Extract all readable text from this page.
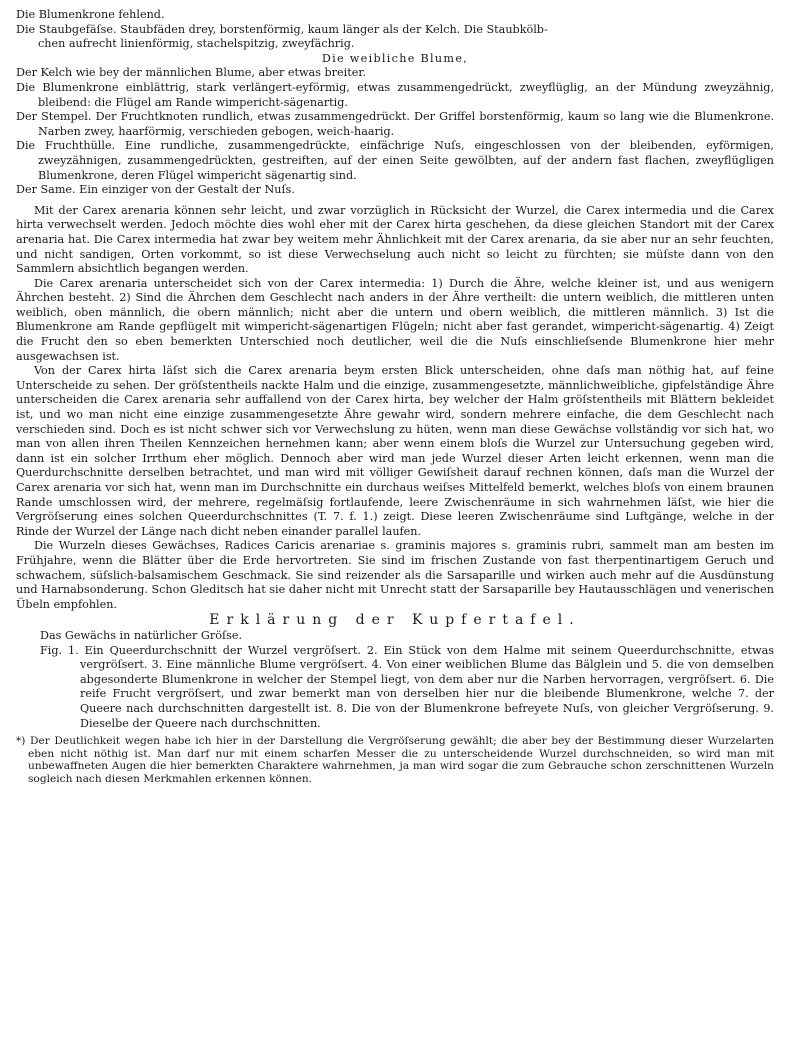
Die Blumenkrone fehlend.
Die Staubgefäſse. Staubfäden drey, borstenförmig, kaum länger als der Kelch. Die Staubkölb-
chen aufrecht linienförmig, stachelspitzig, zweyfächrig.
Die weibliche Blume,
Der Kelch wie bey der männlichen Blume, aber etwas breiter.
Die Blumenkrone einblättrig, stark verlängert-eyförmig, etwas zusammengedrückt, zweyflüglig, an der Mündung zweyzähnig, bleibend: die Flügel am Rande wimpericht-sägenartig.
Der Stempel. Der Fruchtknoten rundlich, etwas zusammengedrückt. Der Griffel borstenförmig, kaum so lang wie die Blumenkrone. Narben zwey, haarförmig, verschieden gebogen, weich-haarig.
Die Fruchthülle. Eine rundliche, zusammengedrückte, einfächrige Nuſs, eingeschlossen von der bleibenden, eyförmigen, zweyzähnigen, zusammengedrückten, gestreiften, auf der einen Seite gewölbten, auf der andern fast flachen, zweyflügligen Blumenkrone, deren Flügel wimpericht sägenartig sind.
Der Same. Ein einziger von der Gestalt der Nuſs.

Mit der Carex arenaria können sehr leicht, und zwar vorzüglich in Rücksicht der Wurzel, die Carex intermedia und die Carex hirta verwechselt werden. Jedoch möchte dies wohl eher mit der Carex hirta geschehen, da diese gleichen Standort mit der Carex arenaria hat. Die Carex intermedia hat zwar bey weitem mehr Ähnlichkeit mit der Carex arenaria, da sie aber nur an sehr feuchten, und nicht sandigen, Orten vorkommt, so ist diese Verwechselung auch nicht so leicht zu fürchten; sie müſste dann von den Sammlern absichtlich begangen werden.

Die Carex arenaria unterscheidet sich von der Carex intermedia: 1) Durch die Ähre, welche kleiner ist, und aus wenigern Ährchen besteht. 2) Sind die Ährchen dem Geschlecht nach anders in der Ähre vertheilt: die untern weiblich, die mittleren unten weiblich, oben männlich, die obern männlich; nicht aber die untern und obern weiblich, die mittleren männlich. 3) Ist die Blumenkrone am Rande gepflügelt mit wimpericht-sägenartigen Flügeln; nicht aber fast gerandet, wimpericht-sägenartig. 4) Zeigt die Frucht den so eben bemerkten Unterschied noch deutlicher, weil die die Nuſs einschlieſsende Blumenkrone hier mehr ausgewachsen ist.

Von der Carex hirta läſst sich die Carex arenaria beym ersten Blick unterscheiden, ohne daſs man nöthig hat, auf feine Unterscheide zu sehen. Der gröſstentheils nackte Halm und die einzige, zusammengesetzte, männlichweibliche, gipfelständige Ähre unterscheiden die Carex arenaria sehr auffallend von der Carex hirta, bey welcher der Halm gröſstentheils mit Blättern bekleidet ist, und wo man nicht eine einzige zusammengesetzte Ähre gewahr wird, sondern mehrere einfache, die dem Geschlecht nach verschieden sind. Doch es ist nicht schwer sich vor Verwechslung zu hüten, wenn man diese Gewächse vollständig vor sich hat, wo man von allen ihren Theilen Kennzeichen hernehmen kann; aber wenn einem bloſs die Wurzel zur Untersuchung gegeben wird, dann ist ein solcher Irrthum eher möglich. Dennoch aber wird man jede Wurzel dieser Arten leicht erkennen, wenn man die Querdurchschnitte derselben betrachtet, und man wird mit völliger Gewiſsheit darauf rechnen können, daſs man die Wurzel der Carex arenaria vor sich hat, wenn man im Durchschnitte ein durchaus weiſses Mittelfeld bemerkt, welches bloſs von einem braunen Rande umschlossen wird, der mehrere, regelmäſsig fortlaufende, leere Zwischenräume in sich wahrnehmen läſst, wie hier die Vergröſserung eines solchen Queerdurchschnittes (T. 7. f. 1.) zeigt. Diese leeren Zwischenräume sind Luftgänge, welche in der Rinde der Wurzel der Länge nach dicht neben einander parallel laufen.

Die Wurzeln dieses Gewächses, Radices Caricis arenariae s. graminis majores s. graminis rubri, sammelt man am besten im Frühjahre, wenn die Blätter über die Erde hervortreten. Sie sind im frischen Zustande von fast therpentinartigem Geruch und schwachem, süſslich-balsamischem Geschmack. Sie sind reizender als die Sarsaparille und wirken auch mehr auf die Ausdünstung und Harnabsonderung. Schon Gleditsch hat sie daher nicht mit Unrecht statt der Sarsaparille bey Hautausschlägen und venerischen Übeln empfohlen.

Erklärung der Kupfertafel.
Das Gewächs in natürlicher Gröſse.
Fig. 1. Ein Queerdurchschnitt der Wurzel vergröſsert. 2. Ein Stück von dem Halme mit seinem Queerdurchschnitte, etwas vergröſsert. 3. Eine männliche Blume vergröſsert. 4. Von einer weiblichen Blume das Bälglein und 5. die von demselben abgesonderte Blumenkrone in welcher der Stempel liegt, von dem aber nur die Narben hervorragen, vergröſsert. 6. Die reife Frucht vergröſsert, und zwar bemerkt man von derselben hier nur die bleibende Blumenkrone, welche 7. der Queere nach durchschnitten dargestellt ist. 8. Die von der Blumenkrone befreyete Nuſs, von gleicher Vergröſserung. 9. Dieselbe der Queere nach durchschnitten.
*) Der Deutlichkeit wegen habe ich hier in der Darstellung die Vergröſserung gewählt; die aber bey der Bestimmung dieser Wurzelarten eben nicht nöthig ist. Man darf nur mit einem scharfen Messer die zu unterscheidende Wurzel durchschneiden, so wird man mit unbewaffneten Augen die hier bemerkten Charaktere wahrnehmen, ja man wird sogar die zum Gebrauche schon zerschnittenen Wurzeln sogleich nach diesen Merkmahlen erkennen können.
